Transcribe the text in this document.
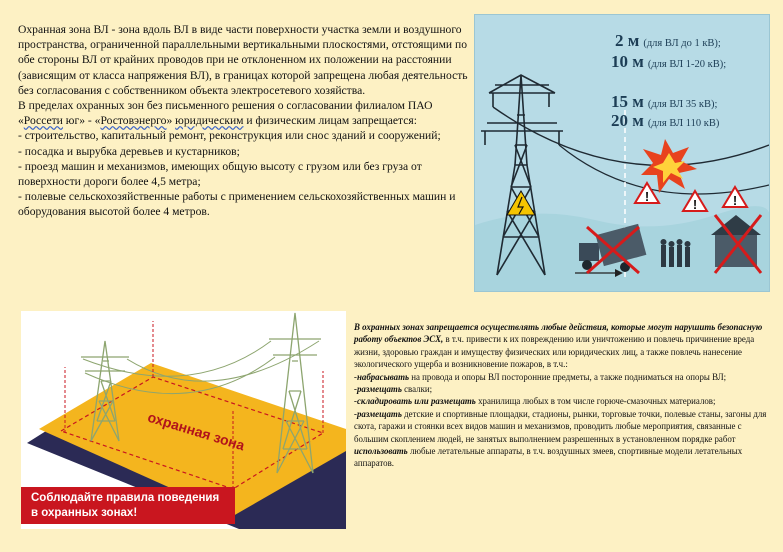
Охранная зона ВЛ - зона вдоль ВЛ в виде части поверхности участка земли и воздушного пространства, ограниченной параллельными вертикальными плоскостями, отстоящими по обе стороны ВЛ от крайних проводов при не отклоненном их положении на расстоянии (зависящим от класса напряжения ВЛ), в границах которой запрещена любая деятельность без согласования с собственником объекта электросетевого хозяйства.

В пределах охранных зон без письменного решения о согласовании филиалом ПАО «Россети юг» - «Ростовэнерго» юридическим и физическим лицам запрещается:

- строительство, капитальный ремонт, реконструкция или снос зданий и сооружений;

- посадка и вырубка деревьев и кустарников;

- проезд машин и механизмов, имеющих общую высоту с грузом или без груза от поверхности дороги более 4,5 метра;

- полевые сельскохозяйственные работы с применением сельскохозяйственных машин и оборудования высотой более 4 метров.

!
!	!
2 м (для ВЛ до 1 кВ);
10 м (для ВЛ 1-20 кВ);
15 м (для ВЛ 35 кВ);
20 м (для ВЛ 110 кВ)
охранная зона
Соблюдайте правила поведения
в охранных зонах!

В охранных зонах запрещается осуществлять любые действия, которые могут нарушить безопасную работу объектов ЭСХ, в т.ч. привести к их повреждению или уничтожению и повлечь причинение вреда жизни, здоровью граждан и имуществу физических или юридических лиц, а также повлечь нанесение экологического ущерба и возникновение пожаров, в т.ч.:

-набрасывать на провода и опоры ВЛ посторонние предметы, а также подниматься на опоры ВЛ;

-размещать свалки;

-складировать или размещать хранилища любых в том числе горюче-смазочных материалов;

-размещать детские и спортивные площадки, стадионы, рынки, торговые точки, полевые станы, загоны для скота, гаражи и стоянки всех видов машин и механизмов, проводить любые мероприятия, связанные с большим скоплением людей, не занятых выполнением разрешенных в установленном порядке работ

использовать любые летательные аппараты, в т.ч. воздушных змеев, спортивные модели летательных аппаратов.
